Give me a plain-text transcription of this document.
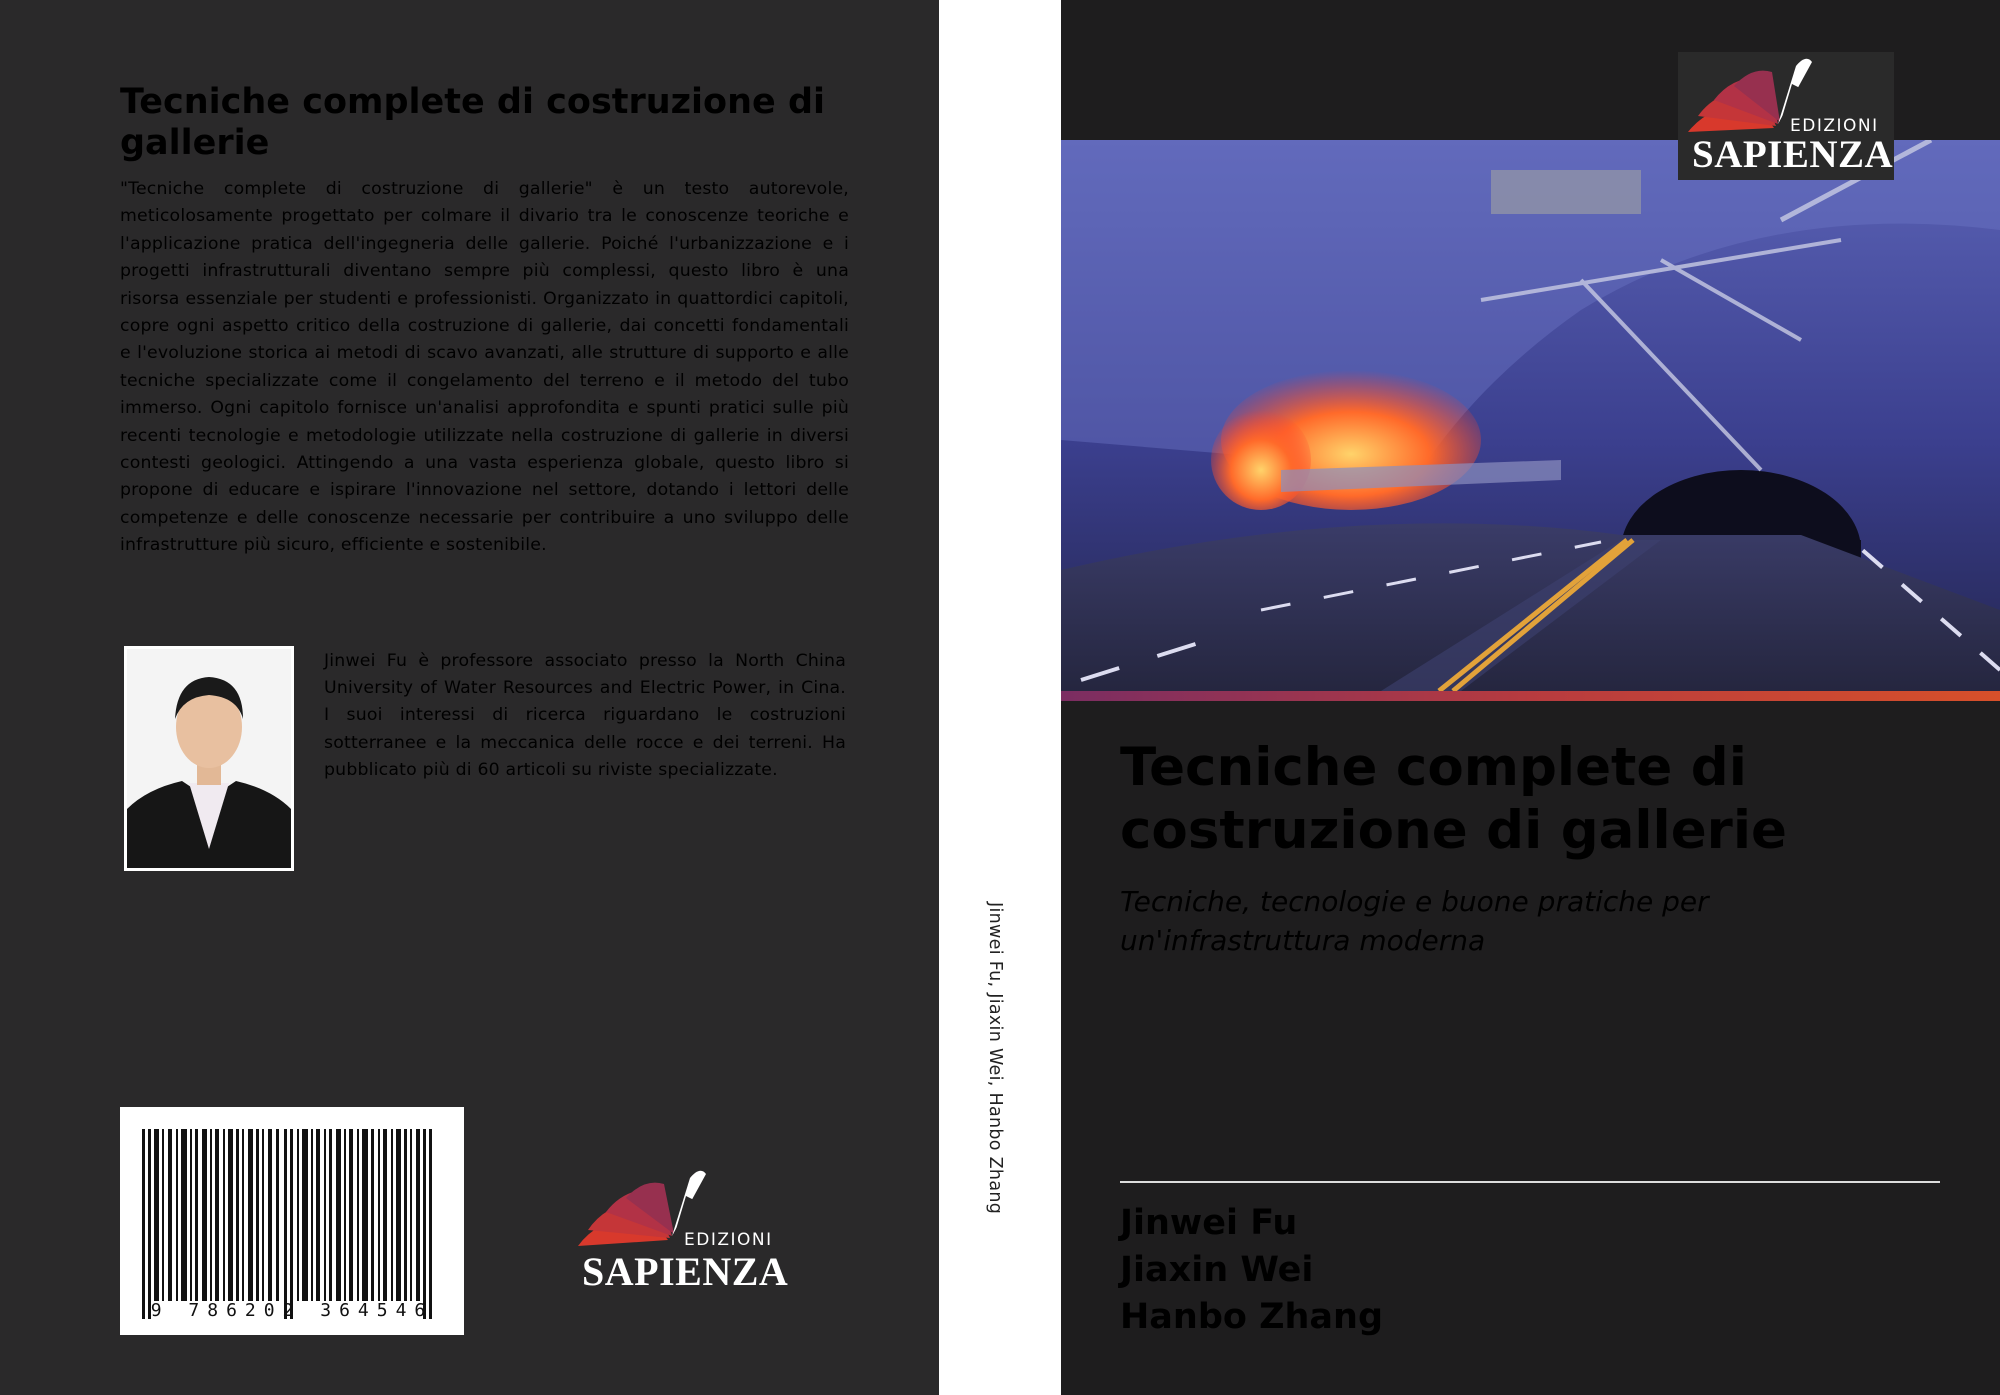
Tecniche complete di costruzione di gallerie

"Tecniche complete di costruzione di gallerie" è un testo autorevole, meticolosamente progettato per colmare il divario tra le conoscenze teoriche e l'applicazione pratica dell'ingegneria delle gallerie. Poiché l'urbanizzazione e i progetti infrastrutturali diventano sempre più complessi, questo libro è una risorsa essenziale per studenti e professionisti. Organizzato in quattordici capitoli, copre ogni aspetto critico della costruzione di gallerie, dai concetti fondamentali e l'evoluzione storica ai metodi di scavo avanzati, alle strutture di supporto e alle tecniche specializzate come il congelamento del terreno e il metodo del tubo immerso. Ogni capitolo fornisce un'analisi approfondita e spunti pratici sulle più recenti tecnologie e metodologie utilizzate nella costruzione di gallerie in diversi contesti geologici. Attingendo a una vasta esperienza globale, questo libro si propone di educare e ispirare l'innovazione nel settore, dotando i lettori delle competenze e delle conoscenze necessarie per contribuire a uno sviluppo delle infrastrutture più sicuro, efficiente e sostenibile.

Jinwei Fu è professore associato presso la North China University of Water Resources and Electric Power, in Cina. I suoi interessi di ricerca riguardano le costruzioni sotterranee e la meccanica delle rocce e dei terreni. Ha pubblicato più di 60 articoli su riviste specializzate.

9 786202 364546
EDIZIONI
SAPIENZA
Jinwei Fu, Jiaxin Wei, Hanbo Zhang
EDIZIONI
SAPIENZA
Tecniche complete di costruzione di gallerie

Tecniche, tecnologie e buone pratiche per un'infrastruttura moderna

Jinwei Fu
Jiaxin Wei
Hanbo Zhang
